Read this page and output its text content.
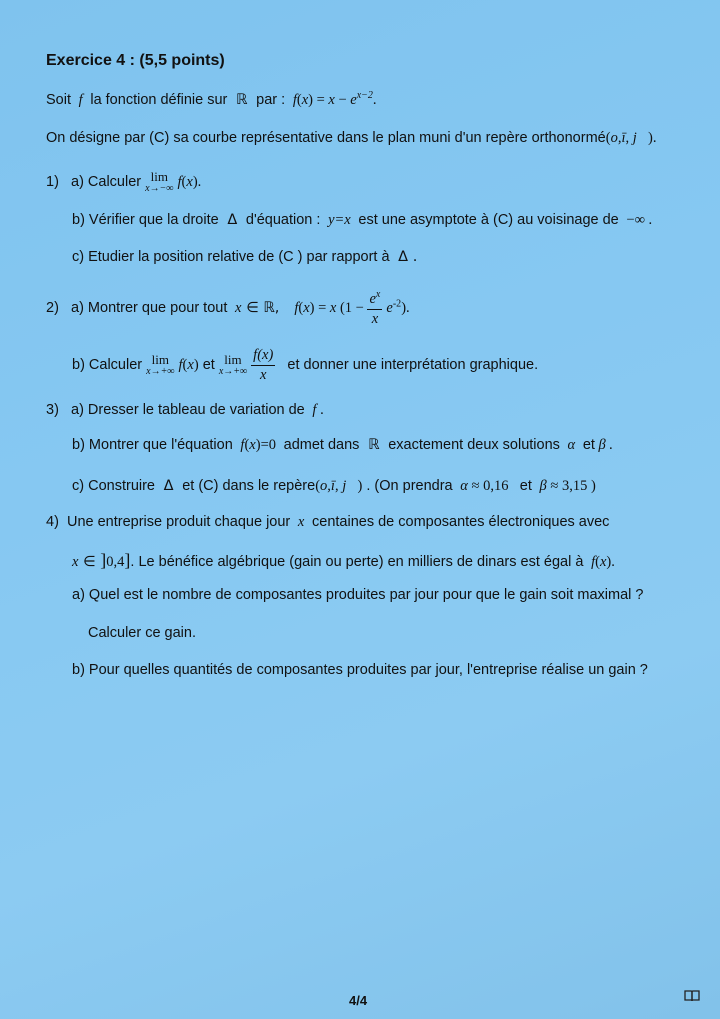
Exercice 4 : (5,5 points)
Soit  f  la fonction définie sur  ℝ  par :  $f(x) = x - e^{x-2}$.
On désigne par (C) sa courbe représentative dans le plan muni d'un repère orthonormé(o,ī, j⃗).
1) a) Calculer lim
x→−∞ f(x).
b) Vérifier que la droite  Δ  d'équation :  y=x  est une asymptote à (C) au voisinage de  −∞ .
c) Etudier la position relative de (C ) par rapport à  Δ .
2) a) Montrer que pour tout  x ∈ ℝ,    f(x) = x $(1 - \frac{e^x}{x} e^{-2})$.
b) Calculer lim
x→+∞ f(x) et lim
x→+∞
$\frac{f(x)}{x}$ et donner une interprétation graphique.
3) a) Dresser le tableau de variation de  f .
b) Montrer que l'équation  f(x)=0  admet dans  ℝ  exactement deux solutions  α  et β .
c) Construire  Δ  et (C) dans le repère(o,ī, j⃗) . (On prendra  α ≈ 0,16   et  β ≈ 3,15 )
4) Une entreprise produit chaque jour  x  centaines de composantes électroniques avec
x ∈ ]0,4]. Le bénéfice algébrique (gain ou perte) en milliers de dinars est égal à  f(x).
a) Quel est le nombre de composantes produites par jour pour que le gain soit maximal ?
Calculer ce gain.
b) Pour quelles quantités de composantes produites par jour, l'entreprise réalise un gain ?
4/4
